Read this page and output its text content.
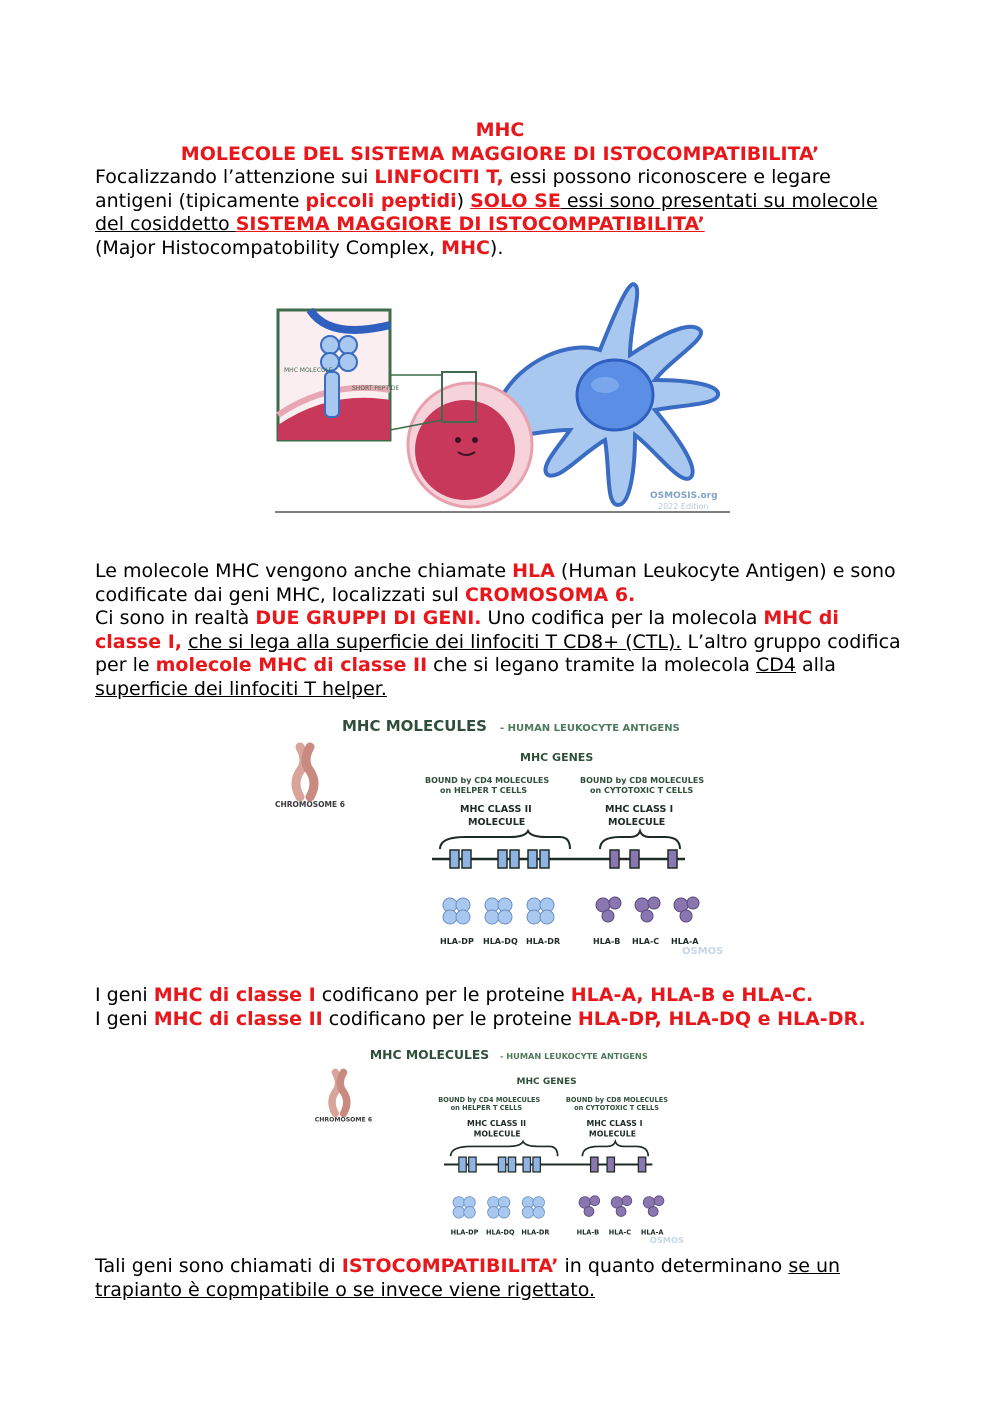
MHC
MOLECOLE DEL SISTEMA MAGGIORE DI ISTOCOMPATIBILITA’

Focalizzando l’attenzione sui LINFOCITI T, essi possono riconoscere e legare antigeni (tipicamente piccoli peptidi) SOLO SE essi sono presentati su molecole del cosiddetto SISTEMA MAGGIORE DI ISTOCOMPATIBILITA’
(Major Histocompatobility Complex, MHC).

MHC MOLECULE
SHORT PEPTIDE
OSMOSIS.org
2022 Edition

Le molecole MHC vengono anche chiamate HLA (Human Leukocyte Antigen) e sono codificate dai geni MHC, localizzati sul CROMOSOMA 6.
Ci sono in realtà DUE GRUPPI DI GENI. Uno codifica per la molecola MHC di classe I, che si lega alla superficie dei linfociti T CD8+ (CTL). L’altro gruppo codifica per le molecole MHC di classe II che si legano tramite la molecola CD4 alla superficie dei linfociti T helper.

MHC MOLECULES - HUMAN LEUKOCYTE ANTIGENS
MHC GENES
BOUND by CD4 MOLECULES
on HELPER T CELLS
BOUND by CD8 MOLECULES
on CYTOTOXIC T CELLS
MHC CLASS II
MOLECULE
MHC CLASS I
MOLECULE
CHROMOSOME 6
HLA-DP HLA-DQ HLA-DR	HLA-B HLA-C HLA-A
OSMOS

I geni MHC di classe I codificano per le proteine HLA-A, HLA-B e HLA-C.
I geni MHC di classe II codificano per le proteine HLA-DP, HLA-DQ e HLA-DR.

MHC MOLECULES - HUMAN LEUKOCYTE ANTIGENS
MHC GENES
BOUND by CD4 MOLECULES
on HELPER T CELLS
BOUND by CD8 MOLECULES
on CYTOTOXIC T CELLS
MHC CLASS II
MOLECULE
MHC CLASS I
MOLECULE
CHROMOSOME 6
HLA-DP HLA-DQ HLA-DR	HLA-B HLA-C HLA-A
OSMOS

Tali geni sono chiamati di ISTOCOMPATIBILITA’ in quanto determinano se un trapianto è copmpatibile o se invece viene rigettato.
